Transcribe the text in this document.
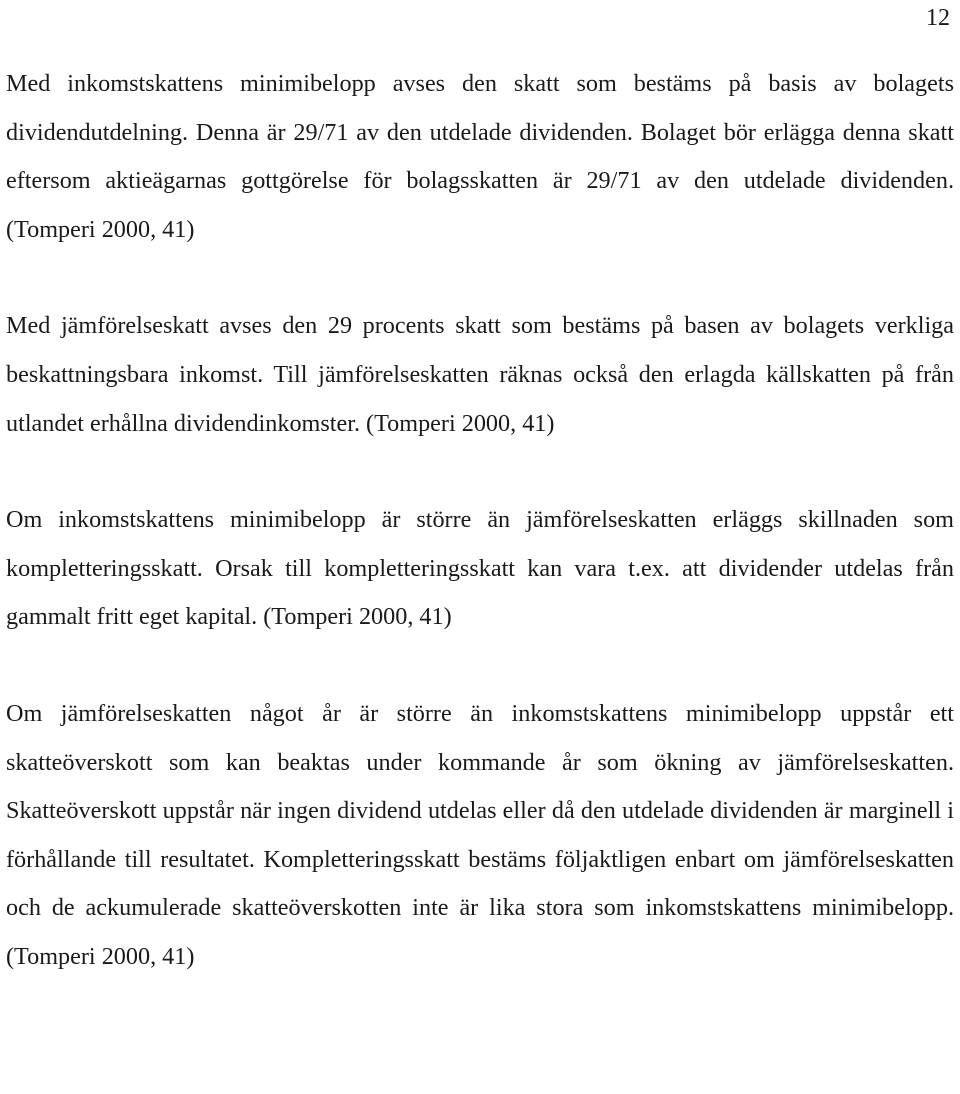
12

Med inkomstskattens minimibelopp avses den skatt som bestäms på basis av bolagets dividendutdelning. Denna är 29/71 av den utdelade dividenden. Bolaget bör erlägga denna skatt eftersom aktieägarnas gottgörelse för bolagsskatten är 29/71 av den utdelade dividenden. (Tomperi 2000, 41)

Med jämförelseskatt avses den 29 procents skatt som bestäms på basen av bolagets verkliga beskattningsbara inkomst. Till jämförelseskatten räknas också den erlagda källskatten på från utlandet erhållna dividendinkomster. (Tomperi 2000, 41)

Om inkomstskattens minimibelopp är större än jämförelseskatten erläggs skillnaden som kompletteringsskatt. Orsak till kompletteringsskatt kan vara t.ex. att dividender utdelas från gammalt fritt eget kapital. (Tomperi 2000, 41)

Om jämförelseskatten något år är större än inkomstskattens minimibelopp uppstår ett skatteöverskott som kan beaktas under kommande år som ökning av jämförelseskatten. Skatteöverskott uppstår när ingen dividend utdelas eller då den utdelade dividenden är marginell i förhållande till resultatet. Kompletteringsskatt bestäms följaktligen enbart om jämförelseskatten och de ackumulerade skatteöverskotten inte är lika stora som inkomstskattens minimibelopp. (Tomperi 2000, 41)
